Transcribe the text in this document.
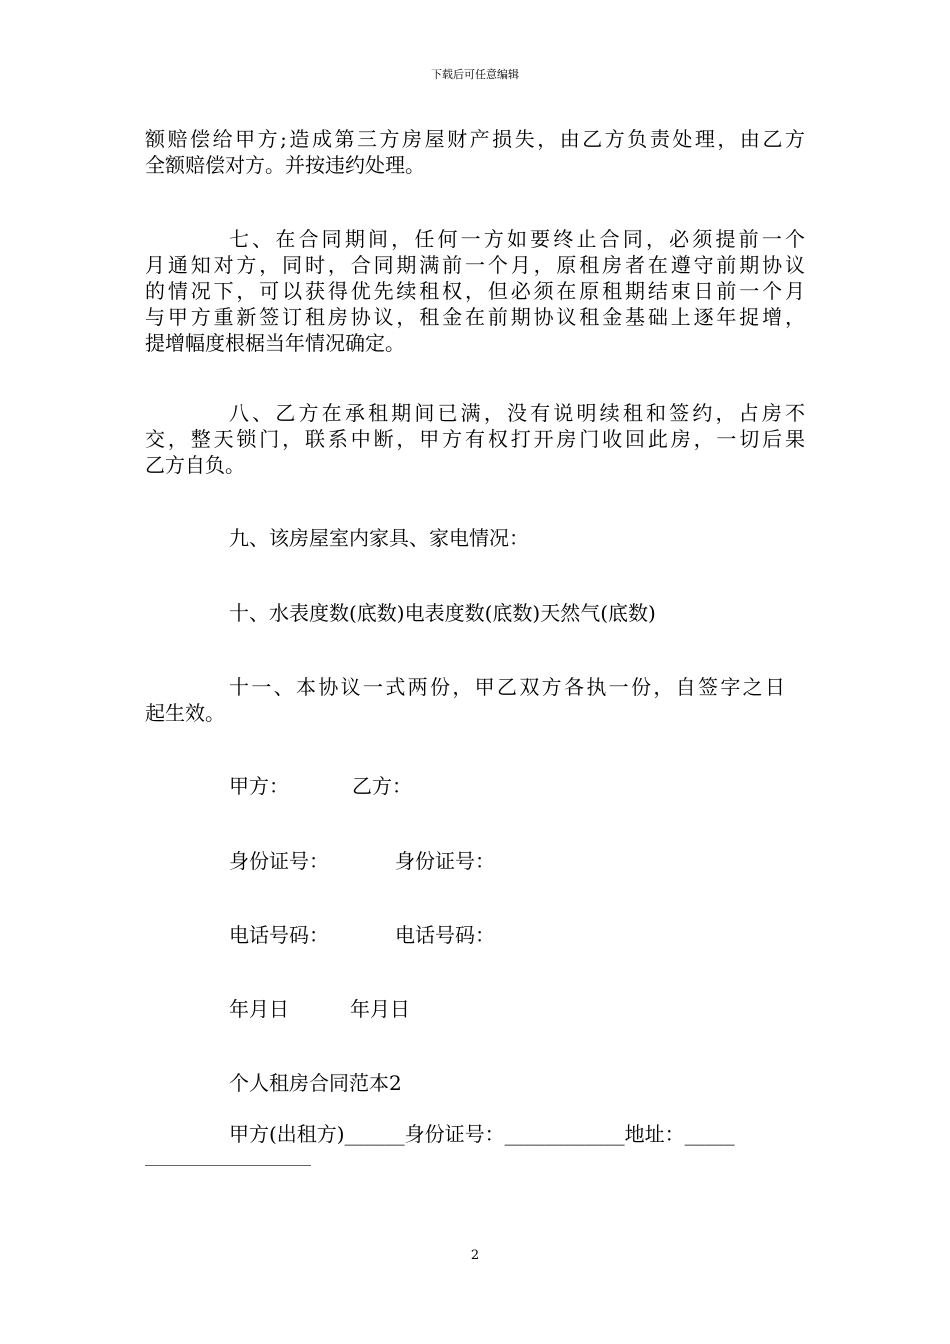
下载后可任意编辑
额赔偿给甲方;造成第三方房屋财产损失，由乙方负责处理，由乙方
全额赔偿对方。并按违约处理。
七、在合同期间，任何一方如要终止合同，必须提前一个
月通知对方，同时，合同期满前一个月，原租房者在遵守前期协议
的情况下，可以获得优先续租权，但必须在原租期结束日前一个月
与甲方重新签订租房协议，租金在前期协议租金基础上逐年捉增，
提增幅度根椐当年情况确定。
八、乙方在承租期间已满，没有说明续租和签约，占房不
交，整天锁门，联系中断，甲方有权打开房门收回此房，一切后果
乙方自负。
九、该房屋室内家具、家电情况：
十、水表度数(底数)电表度数(底数)天然气(底数)
十一、本协议一式两份，甲乙双方各执一份，自签字之日
起生效。
甲方：	乙方：
身份证号：	身份证号：
电话号码：	电话号码：
年月日	年月日
个人租房合同范本2
甲方(出租方)______身份证号：____________地址：_____
2
